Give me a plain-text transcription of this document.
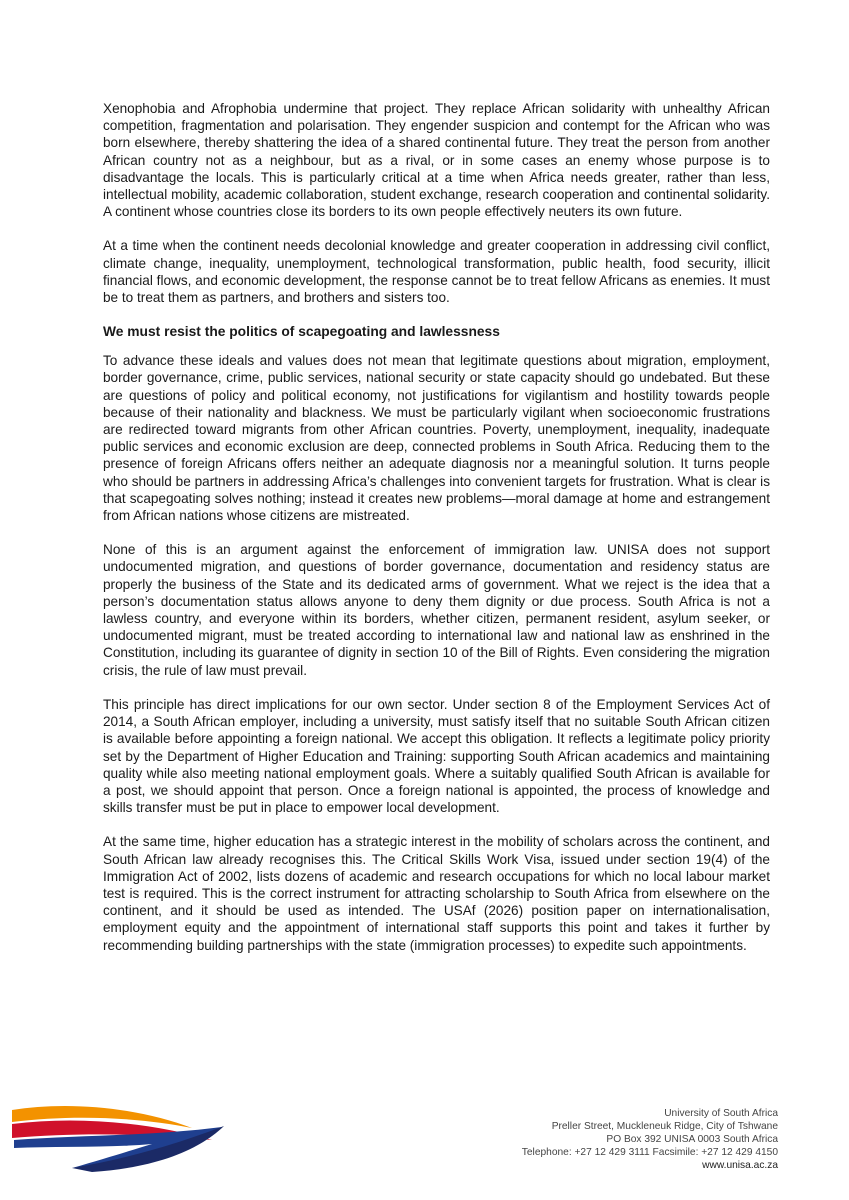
Xenophobia and Afrophobia undermine that project. They replace African solidarity with unhealthy African competition, fragmentation and polarisation. They engender suspicion and contempt for the African who was born elsewhere, thereby shattering the idea of a shared continental future. They treat the person from another African country not as a neighbour, but as a rival, or in some cases an enemy whose purpose is to disadvantage the locals. This is particularly critical at a time when Africa needs greater, rather than less, intellectual mobility, academic collaboration, student exchange, research cooperation and continental solidarity. A continent whose countries close its borders to its own people effectively neuters its own future.

At a time when the continent needs decolonial knowledge and greater cooperation in addressing civil conflict, climate change, inequality, unemployment, technological transformation, public health, food security, illicit financial flows, and economic development, the response cannot be to treat fellow Africans as enemies. It must be to treat them as partners, and brothers and sisters too.

We must resist the politics of scapegoating and lawlessness

To advance these ideals and values does not mean that legitimate questions about migration, employment, border governance, crime, public services, national security or state capacity should go undebated. But these are questions of policy and political economy, not justifications for vigilantism and hostility towards people because of their nationality and blackness. We must be particularly vigilant when socioeconomic frustrations are redirected toward migrants from other African countries. Poverty, unemployment, inequality, inadequate public services and economic exclusion are deep, connected problems in South Africa. Reducing them to the presence of foreign Africans offers neither an adequate diagnosis nor a meaningful solution. It turns people who should be partners in addressing Africa’s challenges into convenient targets for frustration. What is clear is that scapegoating solves nothing; instead it creates new problems—moral damage at home and estrangement from African nations whose citizens are mistreated.

None of this is an argument against the enforcement of immigration law. UNISA does not support undocumented migration, and questions of border governance, documentation and residency status are properly the business of the State and its dedicated arms of government. What we reject is the idea that a person’s documentation status allows anyone to deny them dignity or due process. South Africa is not a lawless country, and everyone within its borders, whether citizen, permanent resident, asylum seeker, or undocumented migrant, must be treated according to international law and national law as enshrined in the Constitution, including its guarantee of dignity in section 10 of the Bill of Rights. Even considering the migration crisis, the rule of law must prevail.

This principle has direct implications for our own sector. Under section 8 of the Employment Services Act of 2014, a South African employer, including a university, must satisfy itself that no suitable South African citizen is available before appointing a foreign national. We accept this obligation. It reflects a legitimate policy priority set by the Department of Higher Education and Training: supporting South African academics and maintaining quality while also meeting national employment goals. Where a suitably qualified South African is available for a post, we should appoint that person. Once a foreign national is appointed, the process of knowledge and skills transfer must be put in place to empower local development.

At the same time, higher education has a strategic interest in the mobility of scholars across the continent, and South African law already recognises this. The Critical Skills Work Visa, issued under section 19(4) of the Immigration Act of 2002, lists dozens of academic and research occupations for which no local labour market test is required. This is the correct instrument for attracting scholarship to South Africa from elsewhere on the continent, and it should be used as intended. The USAf (2026) position paper on internationalisation, employment equity and the appointment of international staff supports this point and takes it further by recommending building partnerships with the state (immigration processes) to expedite such appointments.

University of South Africa
Preller Street, Muckleneuk Ridge, City of Tshwane
PO Box 392 UNISA 0003 South Africa
Telephone: +27 12 429 3111 Facsimile: +27 12 429 4150
www.unisa.ac.za
